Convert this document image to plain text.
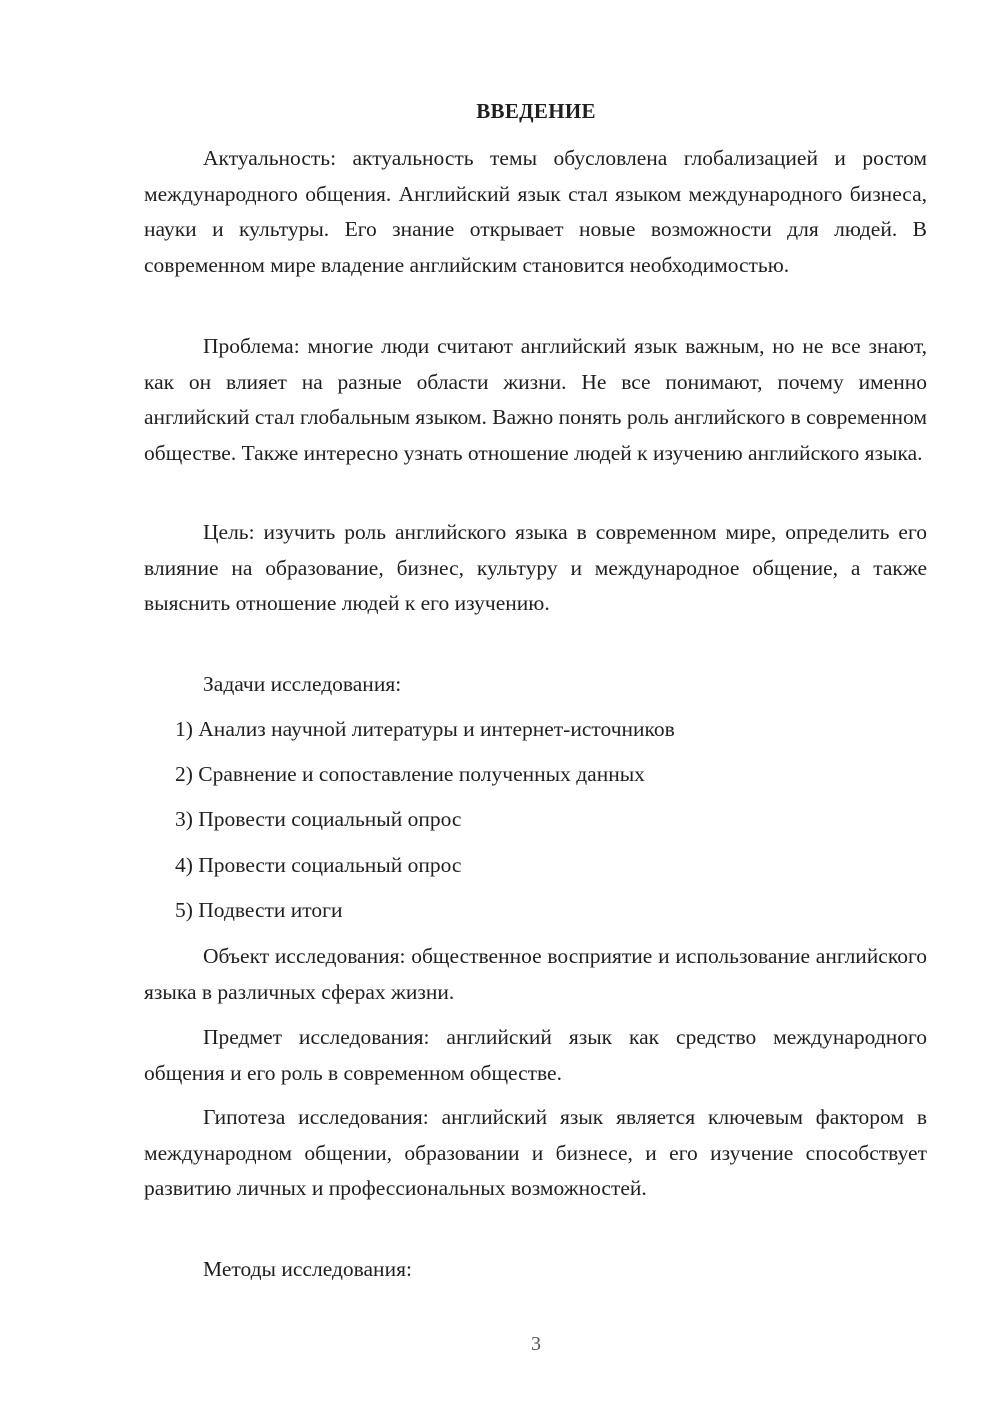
ВВЕДЕНИЕ

Актуальность: актуальность темы обусловлена глобализацией и ростом международного общения. Английский язык стал языком международного бизнеса, науки и культуры. Его знание открывает новые возможности для людей. В современном мире владение английским становится необходимостью.

Проблема: многие люди считают английский язык важным, но не все знают, как он влияет на разные области жизни. Не все понимают, почему именно английский стал глобальным языком. Важно понять роль английского в современном обществе. Также интересно узнать отношение людей к изучению английского языка.

Цель: изучить роль английского языка в современном мире, определить его влияние на образование, бизнес, культуру и международное общение, а также выяснить отношение людей к его изучению.

Задачи исследования:

1) Анализ научной литературы и интернет-источников

2) Сравнение и сопоставление полученных данных

3) Провести социальный опрос

4) Провести социальный опрос

5) Подвести итоги

Объект исследования: общественное восприятие и использование английского языка в различных сферах жизни.

Предмет исследования: английский язык как средство международного общения и его роль в современном обществе.

Гипотеза исследования: английский язык является ключевым фактором в международном общении, образовании и бизнесе, и его изучение способствует развитию личных и профессиональных возможностей.

Методы исследования:

3
